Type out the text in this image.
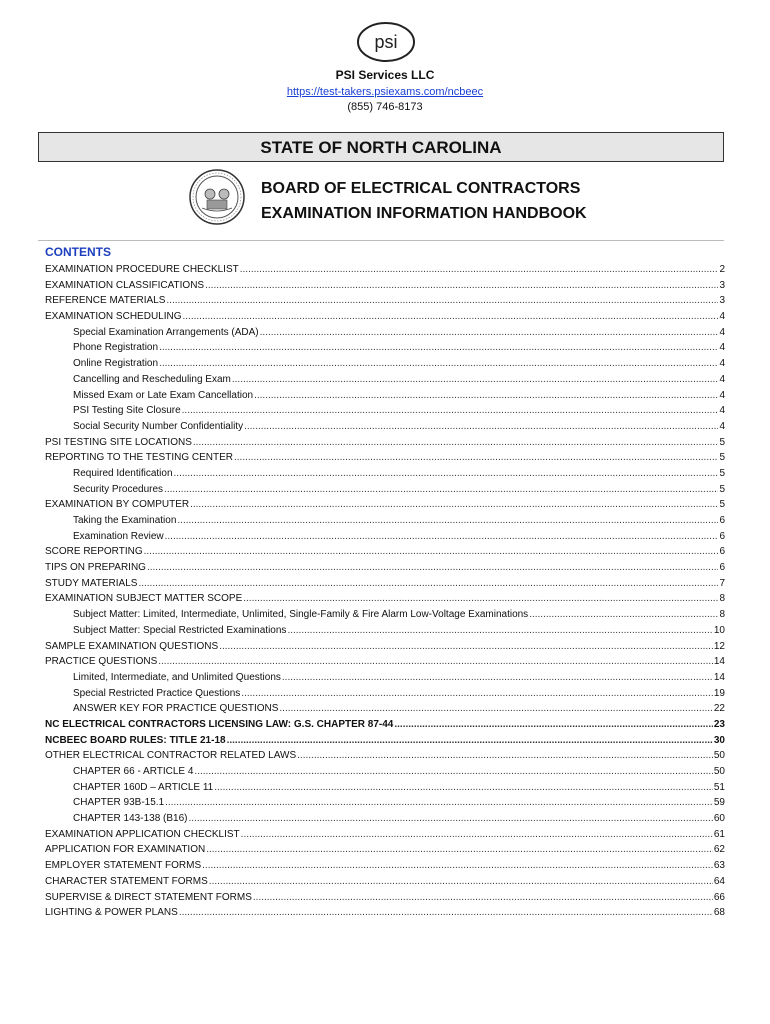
psi
PSI Services LLC
https://test-takers.psiexams.com/ncbeec
(855) 746-8173
STATE OF NORTH CAROLINA
BOARD OF ELECTRICAL CONTRACTORS
EXAMINATION INFORMATION HANDBOOK
CONTENTS
EXAMINATION PROCEDURE CHECKLIST .....	2
EXAMINATION CLASSIFICATIONS .....	3
REFERENCE MATERIALS .....	3
EXAMINATION SCHEDULING .....	4
Special Examination Arrangements (ADA) .....	4
Phone Registration .....	4
Online Registration .....	4
Cancelling and Rescheduling Exam .....	4
Missed Exam or Late Exam Cancellation .....	4
PSI Testing Site Closure .....	4
Social Security Number Confidentiality .....	4
PSI TESTING SITE LOCATIONS .....	5
REPORTING TO THE TESTING CENTER .....	5
Required Identification .....	5
Security Procedures .....	5
EXAMINATION BY COMPUTER .....	5
Taking the Examination .....	6
Examination Review .....	6
SCORE REPORTING .....	6
TIPS ON PREPARING .....	6
STUDY MATERIALS .....	7
EXAMINATION SUBJECT MATTER SCOPE .....	8
Subject Matter: Limited, Intermediate, Unlimited, Single-Family & Fire Alarm Low-Voltage Examinations .....	8
Subject Matter: Special Restricted Examinations .....	10
SAMPLE EXAMINATION QUESTIONS .....	12
PRACTICE QUESTIONS .....	14
Limited, Intermediate, and Unlimited Questions .....	14
Special Restricted Practice Questions .....	19
ANSWER KEY FOR PRACTICE QUESTIONS .....	22
NC ELECTRICAL CONTRACTORS LICENSING LAW: G.S. CHAPTER 87-44 .....	23
NCBEEC BOARD RULES: TITLE 21-18 .....	30
OTHER ELECTRICAL CONTRACTOR RELATED LAWS .....	50
CHAPTER 66 - ARTICLE 4 .....	50
CHAPTER 160D – ARTICLE 11 .....	51
CHAPTER 93B-15.1 .....	59
CHAPTER 143-138 (B16) .....	60
EXAMINATION APPLICATION CHECKLIST .....	61
APPLICATION FOR EXAMINATION .....	62
EMPLOYER STATEMENT FORMS .....	63
CHARACTER STATEMENT FORMS .....	64
SUPERVISE & DIRECT STATEMENT FORMS .....	66
LIGHTING & POWER PLANS .....	68
